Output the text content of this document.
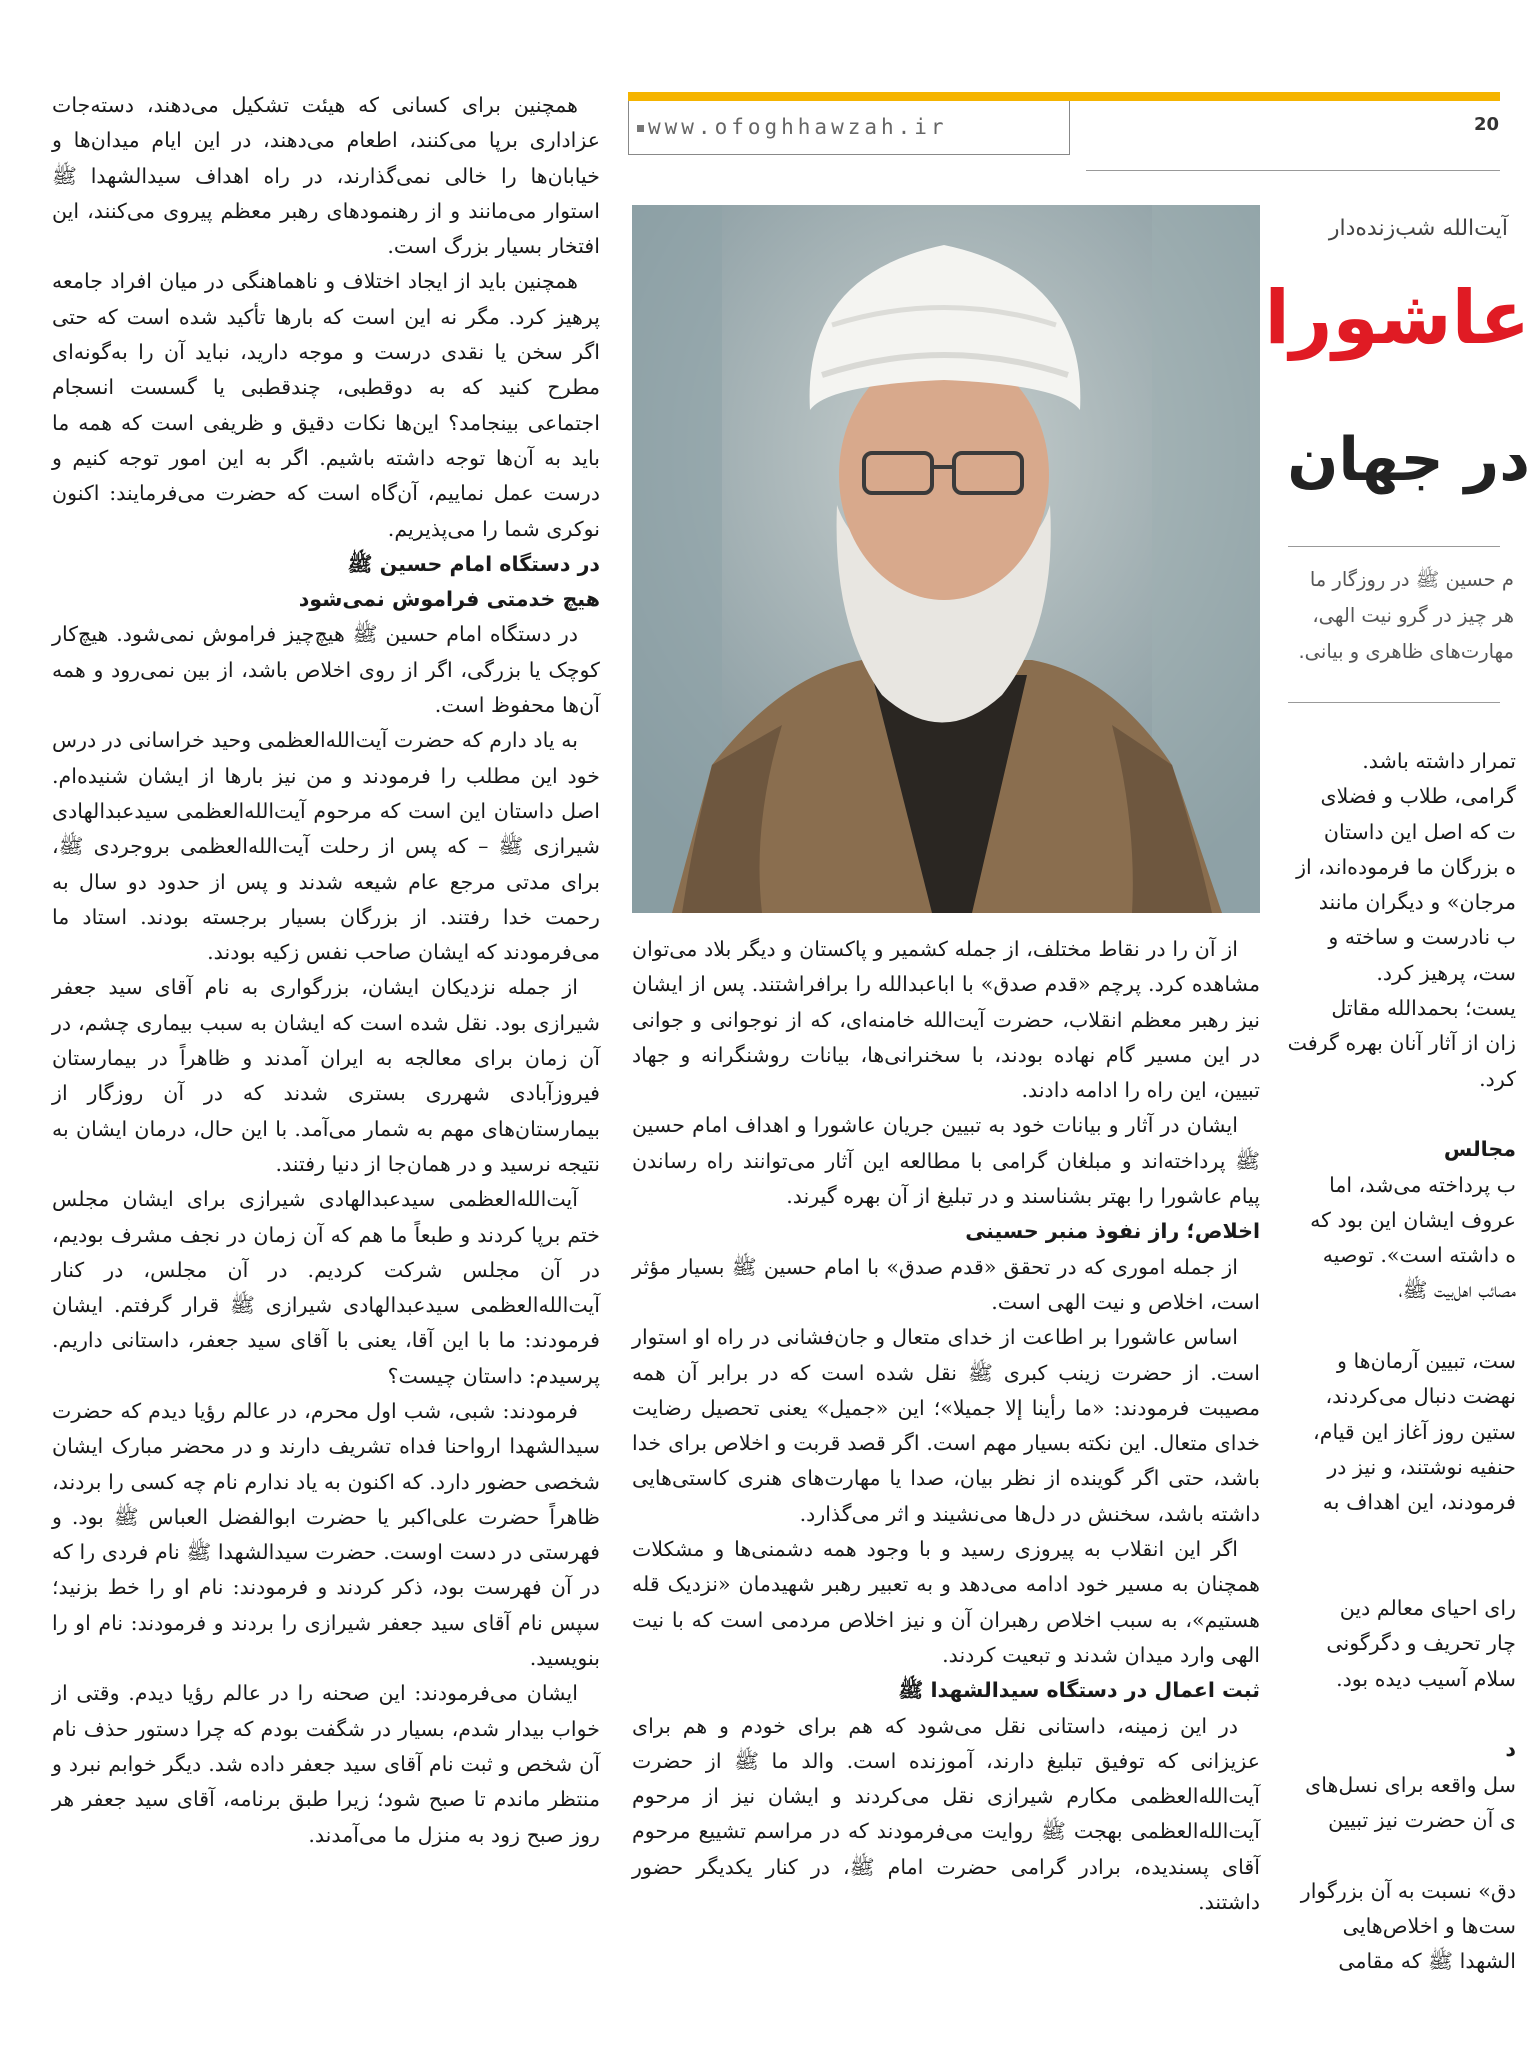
همچنین برای کسانی که هیئت تشکیل می‌دهند، دسته‌جات عزاداری برپا می‌کنند، اطعام می‌دهند، در این ایام میدان‌ها و خیابان‌ها را خالی نمی‌گذارند، در راه اهداف سیدالشهدا ﷺ استوار می‌مانند و از رهنمودهای رهبر معظم پیروی می‌کنند، این افتخار بسیار بزرگ است.

همچنین باید از ایجاد اختلاف و ناهماهنگی در میان افراد جامعه پرهیز کرد. مگر نه این است که بارها تأکید شده است که حتی اگر سخن یا نقدی درست و موجه دارید، نباید آن را به‌گونه‌ای مطرح کنید که به دوقطبی، چندقطبی یا گسست انسجام اجتماعی بینجامد؟ این‌ها نکات دقیق و ظریفی است که همه ما باید به آن‌ها توجه داشته باشیم. اگر به این امور توجه کنیم و درست عمل نماییم، آن‌گاه است که حضرت می‌فرمایند: اکنون نوکری شما را می‌پذیریم.

در دستگاه امام حسین ﷺ
هیچ خدمتی فراموش نمی‌شود

در دستگاه امام حسین ﷺ هیچ‌چیز فراموش نمی‌شود. هیچ‌کار کوچک یا بزرگی، اگر از روی اخلاص باشد، از بین نمی‌رود و همه آن‌ها محفوظ است.

به یاد دارم که حضرت آیت‌الله‌العظمی وحید خراسانی در درس خود این مطلب را فرمودند و من نیز بارها از ایشان شنیده‌ام. اصل داستان این است که مرحوم آیت‌الله‌العظمی سیدعبدالهادی شیرازی ﷺ – که پس از رحلت آیت‌الله‌العظمی بروجردی ﷺ، برای مدتی مرجع عام شیعه شدند و پس از حدود دو سال به رحمت خدا رفتند. از بزرگان بسیار برجسته بودند. استاد ما می‌فرمودند که ایشان صاحب نفس زکیه بودند.

از جمله نزدیکان ایشان، بزرگواری به نام آقای سید جعفر شیرازی بود. نقل شده است که ایشان به سبب بیماری چشم، در آن زمان برای معالجه به ایران آمدند و ظاهراً در بیمارستان فیروزآبادی شهرری بستری شدند که در آن روزگار از بیمارستان‌های مهم به شمار می‌آمد. با این حال، درمان ایشان به نتیجه نرسید و در همان‌جا از دنیا رفتند.

آیت‌الله‌العظمی سیدعبدالهادی شیرازی برای ایشان مجلس ختم برپا کردند و طبعاً ما هم که آن زمان در نجف مشرف بودیم، در آن مجلس شرکت کردیم. در آن مجلس، در کنار آیت‌الله‌العظمی سیدعبدالهادی شیرازی ﷺ قرار گرفتم. ایشان فرمودند: ما با این آقا، یعنی با آقای سید جعفر، داستانی داریم. پرسیدم: داستان چیست؟

فرمودند: شبی، شب اول محرم، در عالم رؤیا دیدم که حضرت سیدالشهدا ارواحنا فداه تشریف دارند و در محضر مبارک ایشان شخصی حضور دارد. که اکنون به یاد ندارم نام چه کسی را بردند، ظاهراً حضرت علی‌اکبر یا حضرت ابوالفضل العباس ﷺ بود. و فهرستی در دست اوست. حضرت سیدالشهدا ﷺ نام فردی را که در آن فهرست بود، ذکر کردند و فرمودند: نام او را خط بزنید؛ سپس نام آقای سید جعفر شیرازی را بردند و فرمودند: نام او را بنویسید.

ایشان می‌فرمودند: این صحنه را در عالم رؤیا دیدم. وقتی از خواب بیدار شدم، بسیار در شگفت بودم که چرا دستور حذف نام آن شخص و ثبت نام آقای سید جعفر داده شد. دیگر خوابم نبرد و منتظر ماندم تا صبح شود؛ زیرا طبق برنامه، آقای سید جعفر هر روز صبح زود به منزل ما می‌آمدند.

www.ofoghhawzah.ir	20

از آن را در نقاط مختلف، از جمله کشمیر و پاکستان و دیگر بلاد می‌توان مشاهده کرد. پرچم «قدم صدق» با اباعبدالله را برافراشتند. پس از ایشان نیز رهبر معظم انقلاب، حضرت آیت‌الله خامنه‌ای، که از نوجوانی و جوانی در این مسیر گام نهاده بودند، با سخنرانی‌ها، بیانات روشنگرانه و جهاد تبیین، این راه را ادامه دادند.

ایشان در آثار و بیانات خود به تبیین جریان عاشورا و اهداف امام حسین ﷺ پرداخته‌اند و مبلغان گرامی با مطالعه این آثار می‌توانند راه رساندن پیام عاشورا را بهتر بشناسند و در تبلیغ از آن بهره گیرند.

اخلاص؛ راز نفوذ منبر حسینی

از جمله اموری که در تحقق «قدم صدق» با امام حسین ﷺ بسیار مؤثر است، اخلاص و نیت الهی است.

اساس عاشورا بر اطاعت از خدای متعال و جان‌فشانی در راه او استوار است. از حضرت زینب کبری ﷺ نقل شده است که در برابر آن همه مصیبت فرمودند: «ما رأینا إلا جمیلا»؛ این «جمیل» یعنی تحصیل رضایت خدای متعال. این نکته بسیار مهم است. اگر قصد قربت و اخلاص برای خدا باشد، حتی اگر گوینده از نظر بیان، صدا یا مهارت‌های هنری کاستی‌هایی داشته باشد، سخنش در دل‌ها می‌نشیند و اثر می‌گذارد.

اگر این انقلاب به پیروزی رسید و با وجود همه دشمنی‌ها و مشکلات همچنان به مسیر خود ادامه می‌دهد و به تعبیر رهبر شهیدمان «نزدیک قله هستیم»، به سبب اخلاص رهبران آن و نیز اخلاص مردمی است که با نیت الهی وارد میدان شدند و تبعیت کردند.

ثبت اعمال در دستگاه سیدالشهدا ﷺ

در این زمینه، داستانی نقل می‌شود که هم برای خودم و هم برای عزیزانی که توفیق تبلیغ دارند، آموزنده است. والد ما ﷺ از حضرت آیت‌الله‌العظمی مکارم شیرازی نقل می‌کردند و ایشان نیز از مرحوم آیت‌الله‌العظمی بهجت ﷺ روایت می‌فرمودند که در مراسم تشییع مرحوم آقای پسندیده، برادر گرامی حضرت امام ﷺ، در کنار یکدیگر حضور داشتند.

آیت‌الله شب‌زنده‌دار
عاشورا
در جهان
م حسین ﷺ در روزگار ما
هر چیز در گرو نیت الهی،
مهارت‌های ظاهری و بیانی.

تمرار داشته باشد.

گرامی، طلاب و فضلای

ت که اصل این داستان

ه بزرگان ما فرموده‌اند، از

مرجان» و دیگران مانند

ب نادرست و ساخته و

ست، پرهیز کرد.

یست؛ بحمدالله مقاتل

زان از آثار آنان بهره گرفت

کرد.

مجالس

ب پرداخته می‌شد، اما

عروف ایشان این بود که

ه داشته است». توصیه

مصائب اهل‌بیت ﷺ،

ست، تبیین آرمان‌ها و

نهضت دنبال می‌کردند،

ستین روز آغاز این قیام،

حنفیه نوشتند، و نیز در

فرمودند، این اهداف به

رای احیای معالم دین

چار تحریف و دگرگونی

سلام آسیب دیده بود.

د

سل واقعه برای نسل‌های

ی آن حضرت نیز تبیین

دق» نسبت به آن بزرگوار

ست‌ها و اخلاص‌هایی

الشهدا ﷺ که مقامی
